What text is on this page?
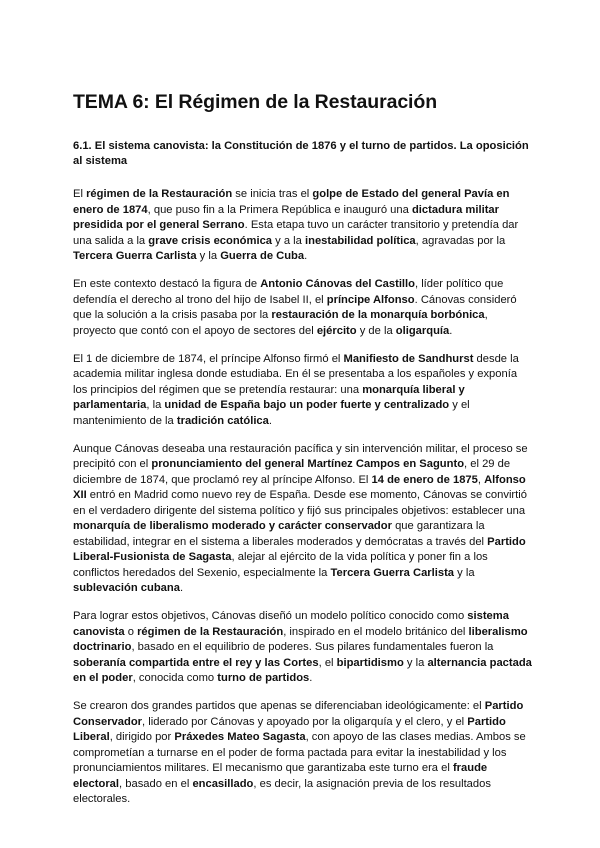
TEMA 6: El Régimen de la Restauración
6.1. El sistema canovista: la Constitución de 1876 y el turno de partidos. La oposición al sistema

El régimen de la Restauración se inicia tras el golpe de Estado del general Pavía en enero de 1874, que puso fin a la Primera República e inauguró una dictadura militar presidida por el general Serrano. Esta etapa tuvo un carácter transitorio y pretendía dar una salida a la grave crisis económica y a la inestabilidad política, agravadas por la Tercera Guerra Carlista y la Guerra de Cuba.

En este contexto destacó la figura de Antonio Cánovas del Castillo, líder político que defendía el derecho al trono del hijo de Isabel II, el príncipe Alfonso. Cánovas consideró que la solución a la crisis pasaba por la restauración de la monarquía borbónica, proyecto que contó con el apoyo de sectores del ejército y de la oligarquía.

El 1 de diciembre de 1874, el príncipe Alfonso firmó el Manifiesto de Sandhurst desde la academia militar inglesa donde estudiaba. En él se presentaba a los españoles y exponía los principios del régimen que se pretendía restaurar: una monarquía liberal y parlamentaria, la unidad de España bajo un poder fuerte y centralizado y el mantenimiento de la tradición católica.

Aunque Cánovas deseaba una restauración pacífica y sin intervención militar, el proceso se precipitó con el pronunciamiento del general Martínez Campos en Sagunto, el 29 de diciembre de 1874, que proclamó rey al príncipe Alfonso. El 14 de enero de 1875, Alfonso XII entró en Madrid como nuevo rey de España. Desde ese momento, Cánovas se convirtió en el verdadero dirigente del sistema político y fijó sus principales objetivos: establecer una monarquía de liberalismo moderado y carácter conservador que garantizara la estabilidad, integrar en el sistema a liberales moderados y demócratas a través del Partido Liberal-Fusionista de Sagasta, alejar al ejército de la vida política y poner fin a los conflictos heredados del Sexenio, especialmente la Tercera Guerra Carlista y la sublevación cubana.

Para lograr estos objetivos, Cánovas diseñó un modelo político conocido como sistema canovista o régimen de la Restauración, inspirado en el modelo británico del liberalismo doctrinario, basado en el equilibrio de poderes. Sus pilares fundamentales fueron la soberanía compartida entre el rey y las Cortes, el bipartidismo y la alternancia pactada en el poder, conocida como turno de partidos.

Se crearon dos grandes partidos que apenas se diferenciaban ideológicamente: el Partido Conservador, liderado por Cánovas y apoyado por la oligarquía y el clero, y el Partido Liberal, dirigido por Práxedes Mateo Sagasta, con apoyo de las clases medias. Ambos se comprometían a turnarse en el poder de forma pactada para evitar la inestabilidad y los pronunciamientos militares. El mecanismo que garantizaba este turno era el fraude electoral, basado en el encasillado, es decir, la asignación previa de los resultados electorales.
